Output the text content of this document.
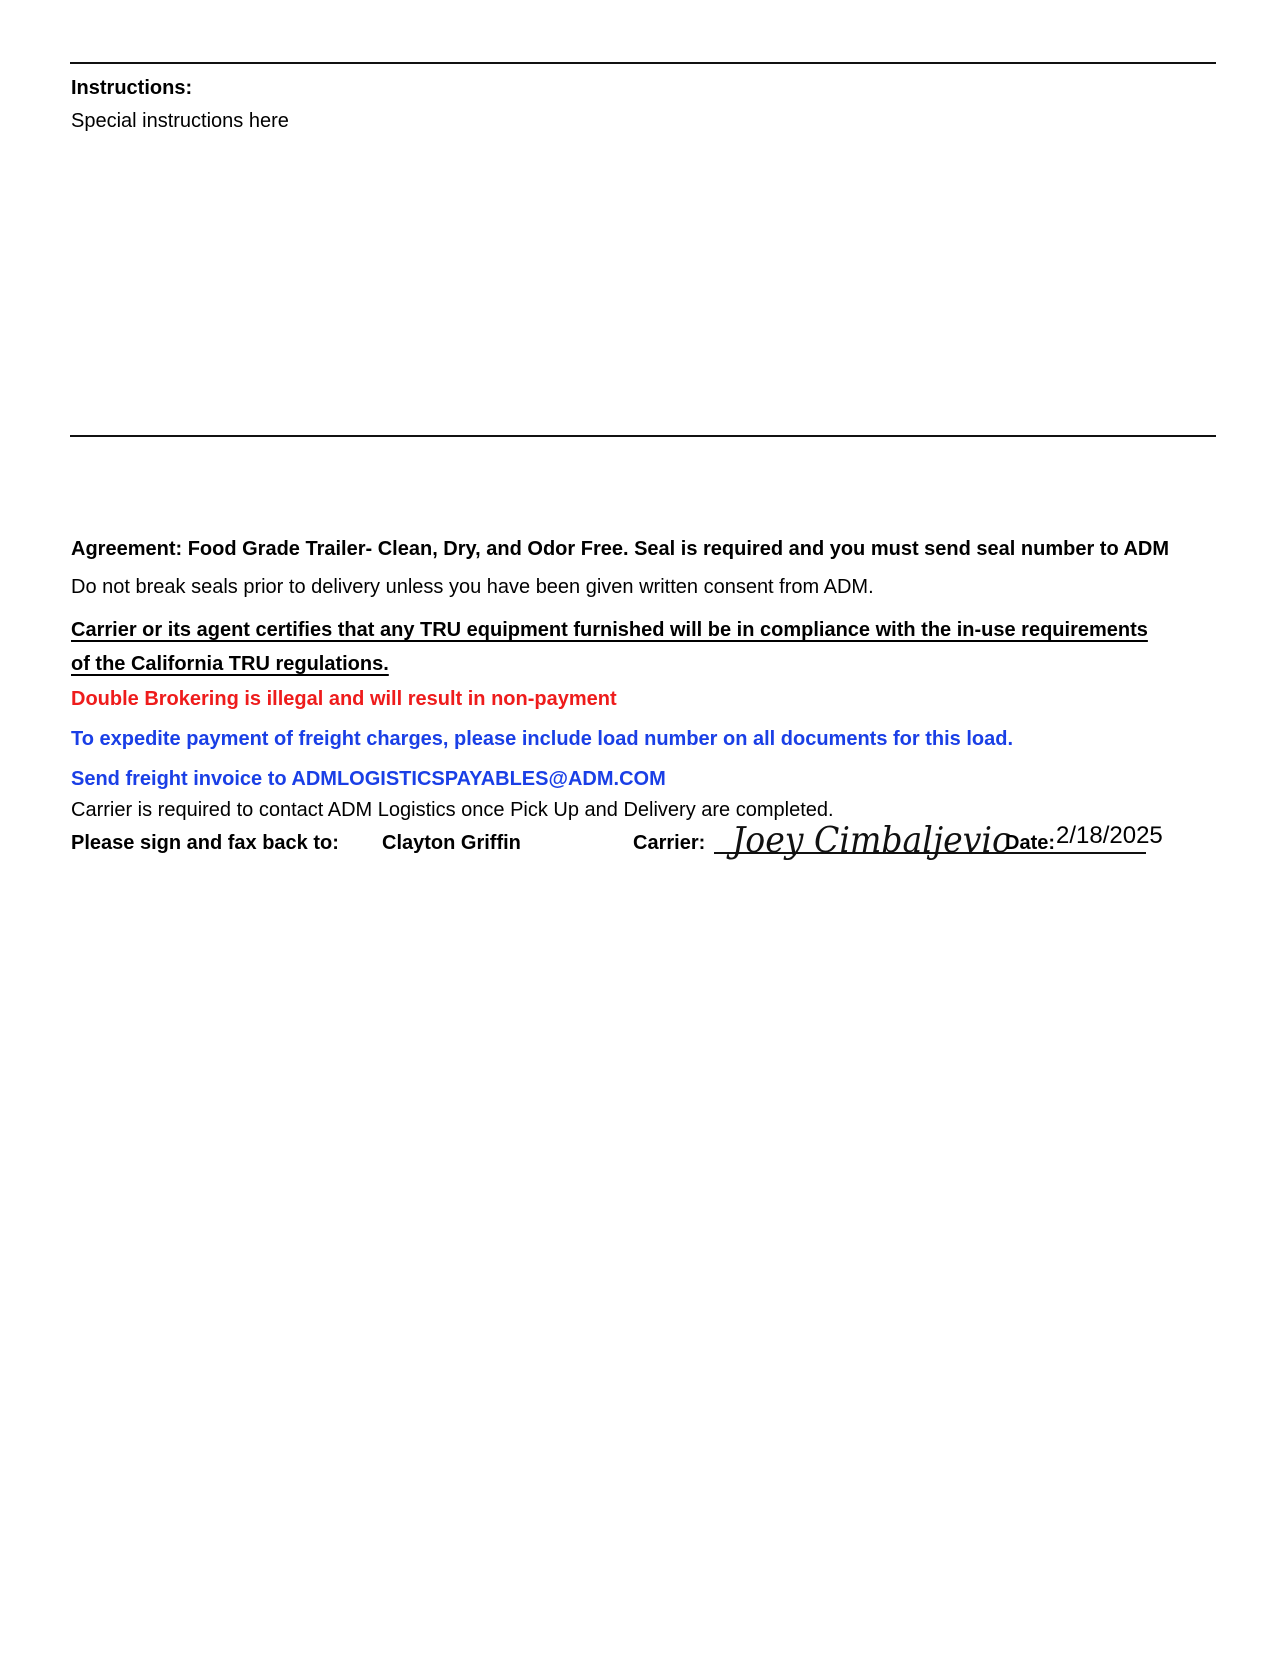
Instructions:
Special instructions here
Agreement: Food Grade Trailer- Clean, Dry, and Odor Free. Seal is required and you must send seal number to ADM
Do not break seals prior to delivery unless you have been given written consent from ADM.
Carrier or its agent certifies that any TRU equipment furnished will be in compliance with the in-use requirements
of the California TRU regulations.
Double Brokering is illegal and will result in non-payment
To expedite payment of freight charges, please include load number on all documents for this load.
Send freight invoice to ADMLOGISTICSPAYABLES@ADM.COM
Carrier is required to contact ADM Logistics once Pick Up and Delivery are completed.
Please sign and fax back to: Clayton Griffin	Carrier: Joey Cimbaljevic
Date: 2/18/2025
